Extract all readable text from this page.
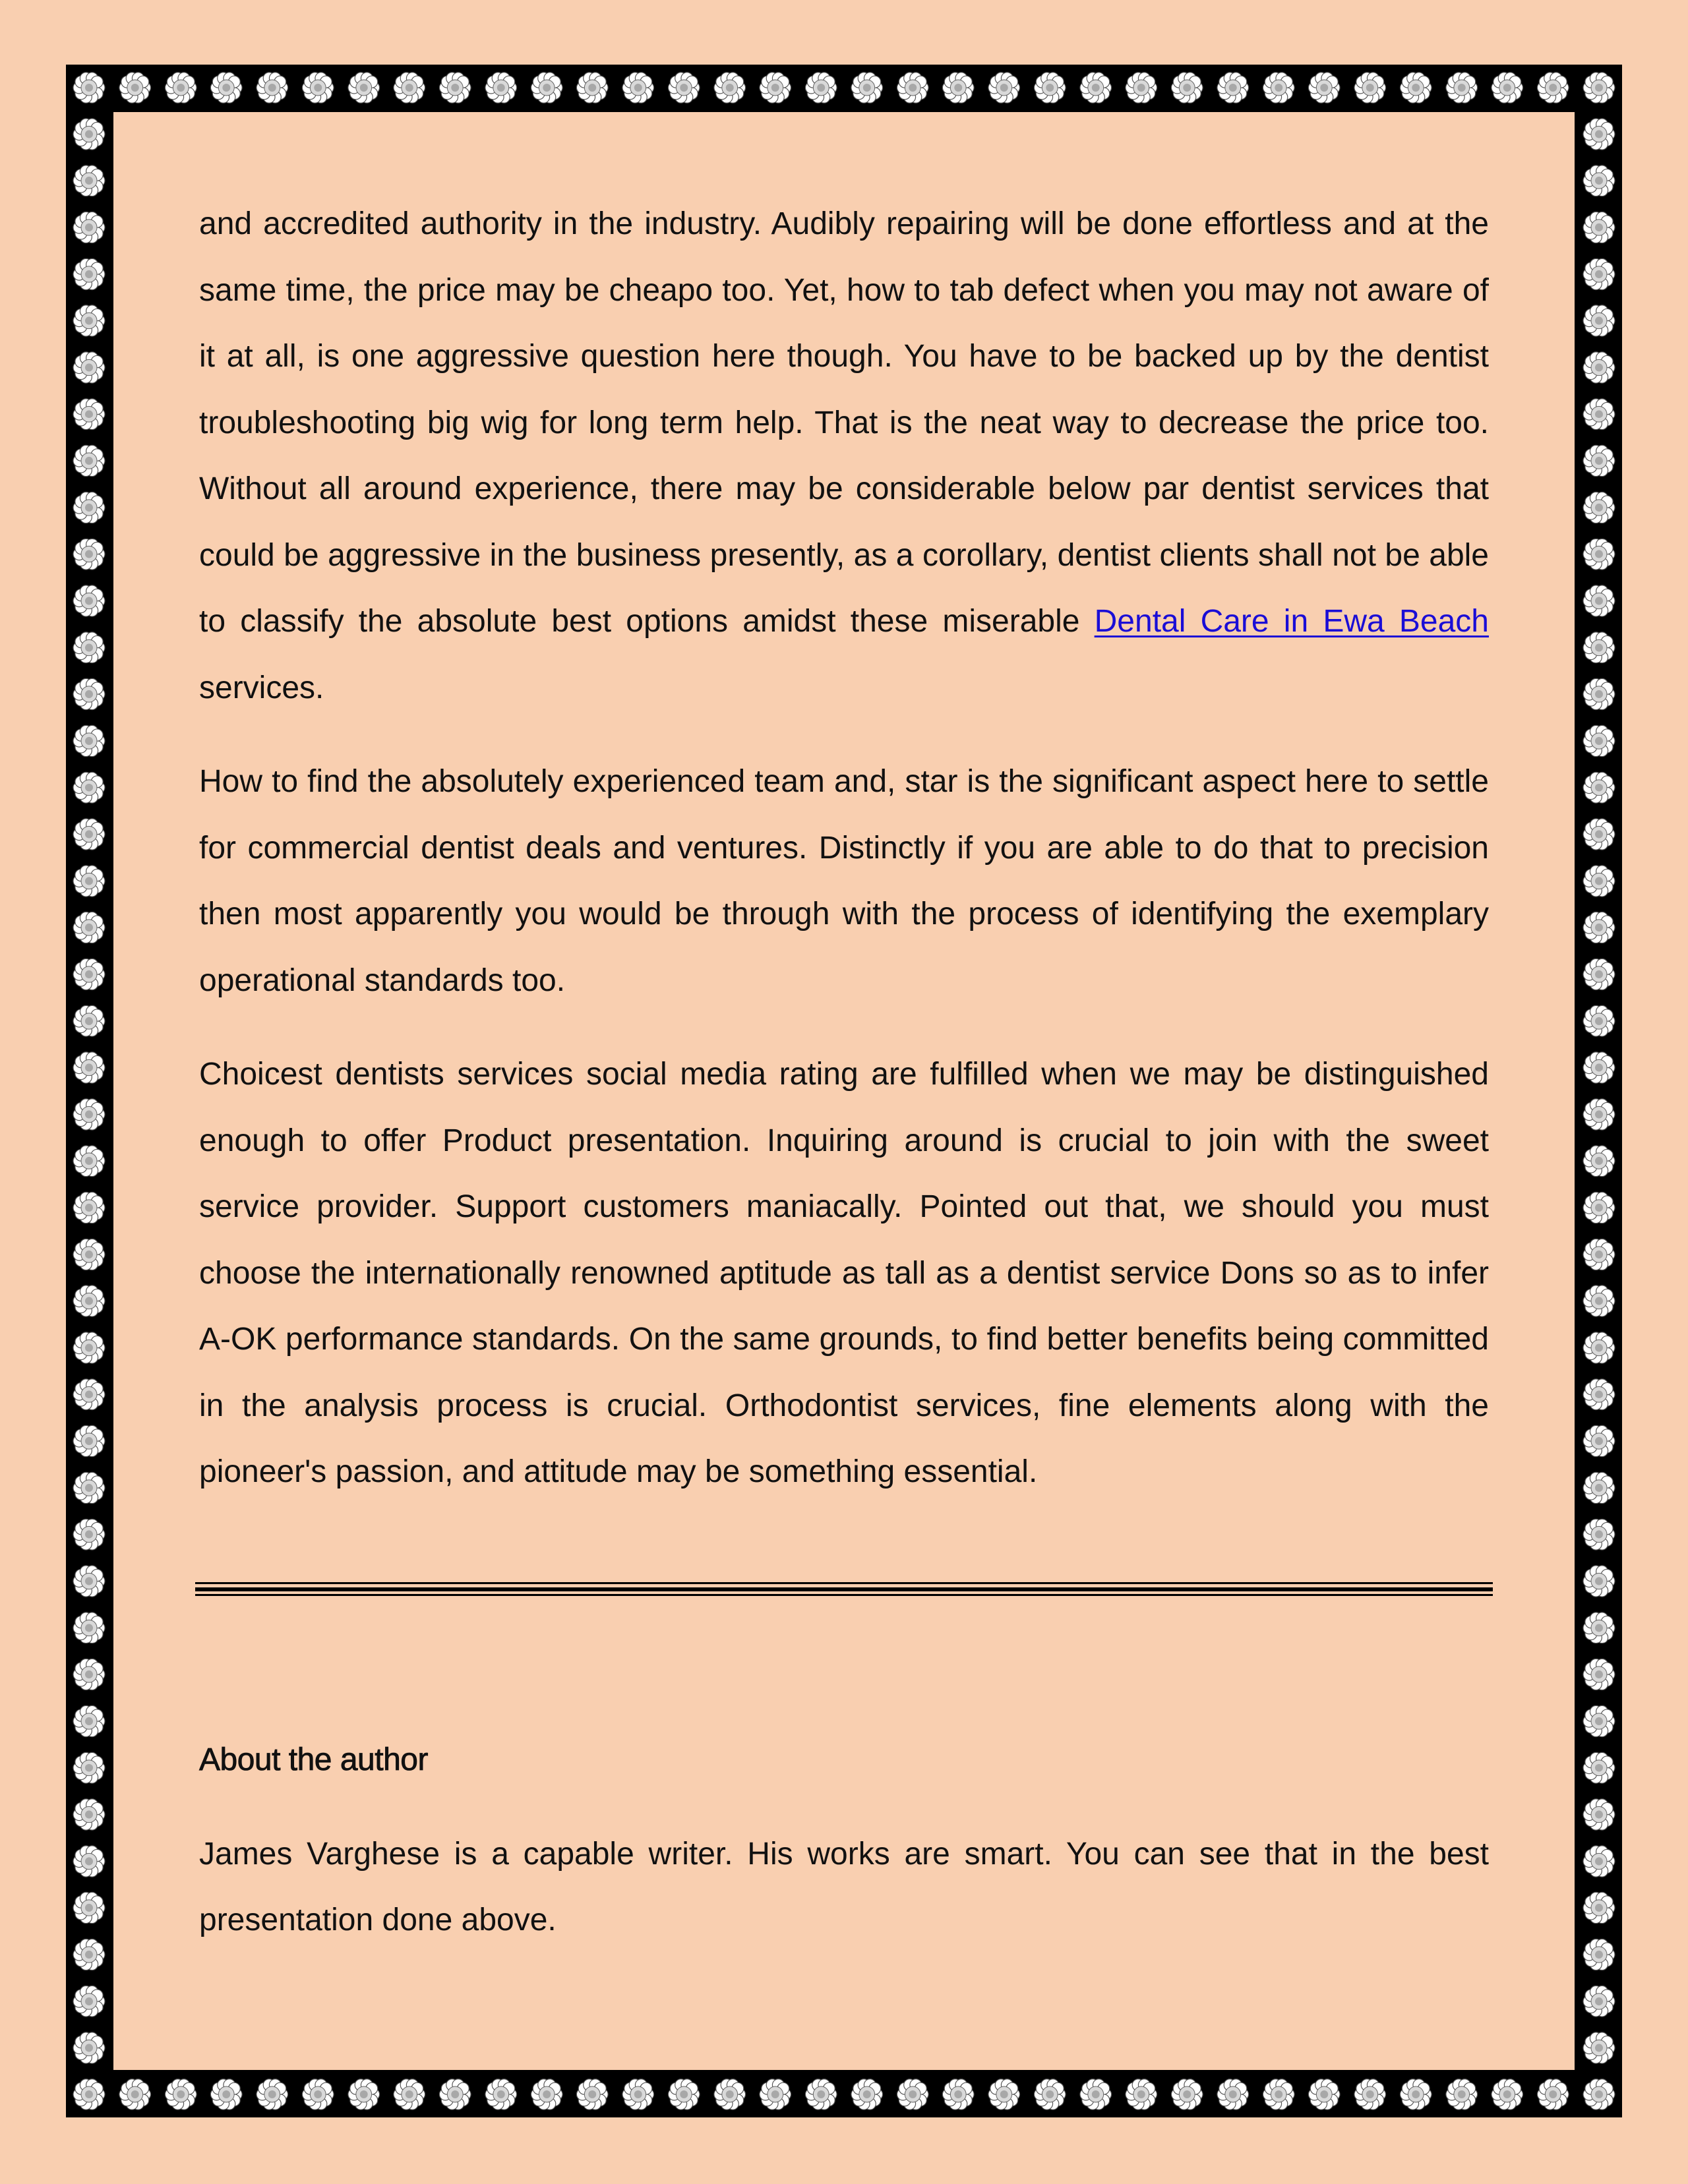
and accredited authority in the industry. Audibly repairing will be done effortless and at the same time, the price may be cheapo too. Yet, how to tab defect when you may not aware of it at all, is one aggressive question here though. You have to be backed up by the dentist troubleshooting big wig for long term help. That is the neat way to decrease the price too. Without all around experience, there may be considerable below par dentist services that could be aggressive in the business presently, as a corollary, dentist clients shall not be able to classify the absolute best options amidst these miserable Dental Care in Ewa Beach services.

How to find the absolutely experienced team and, star is the significant aspect here to settle for commercial dentist deals and ventures. Distinctly if you are able to do that to precision then most apparently you would be through with the process of identifying the exemplary operational standards too.

Choicest dentists services social media rating are fulfilled when we may be distinguished enough to offer Product presentation. Inquiring around is crucial to join with the sweet service provider. Support customers maniacally. Pointed out that, we should you must choose the internationally renowned aptitude as tall as a dentist service Dons so as to infer A-OK performance standards. On the same grounds, to find better benefits being committed in the analysis process is crucial. Orthodontist services, fine elements along with the pioneer's passion, and attitude may be something essential.

About the author

James Varghese is a capable writer. His works are smart. You can see that in the best presentation done above.
